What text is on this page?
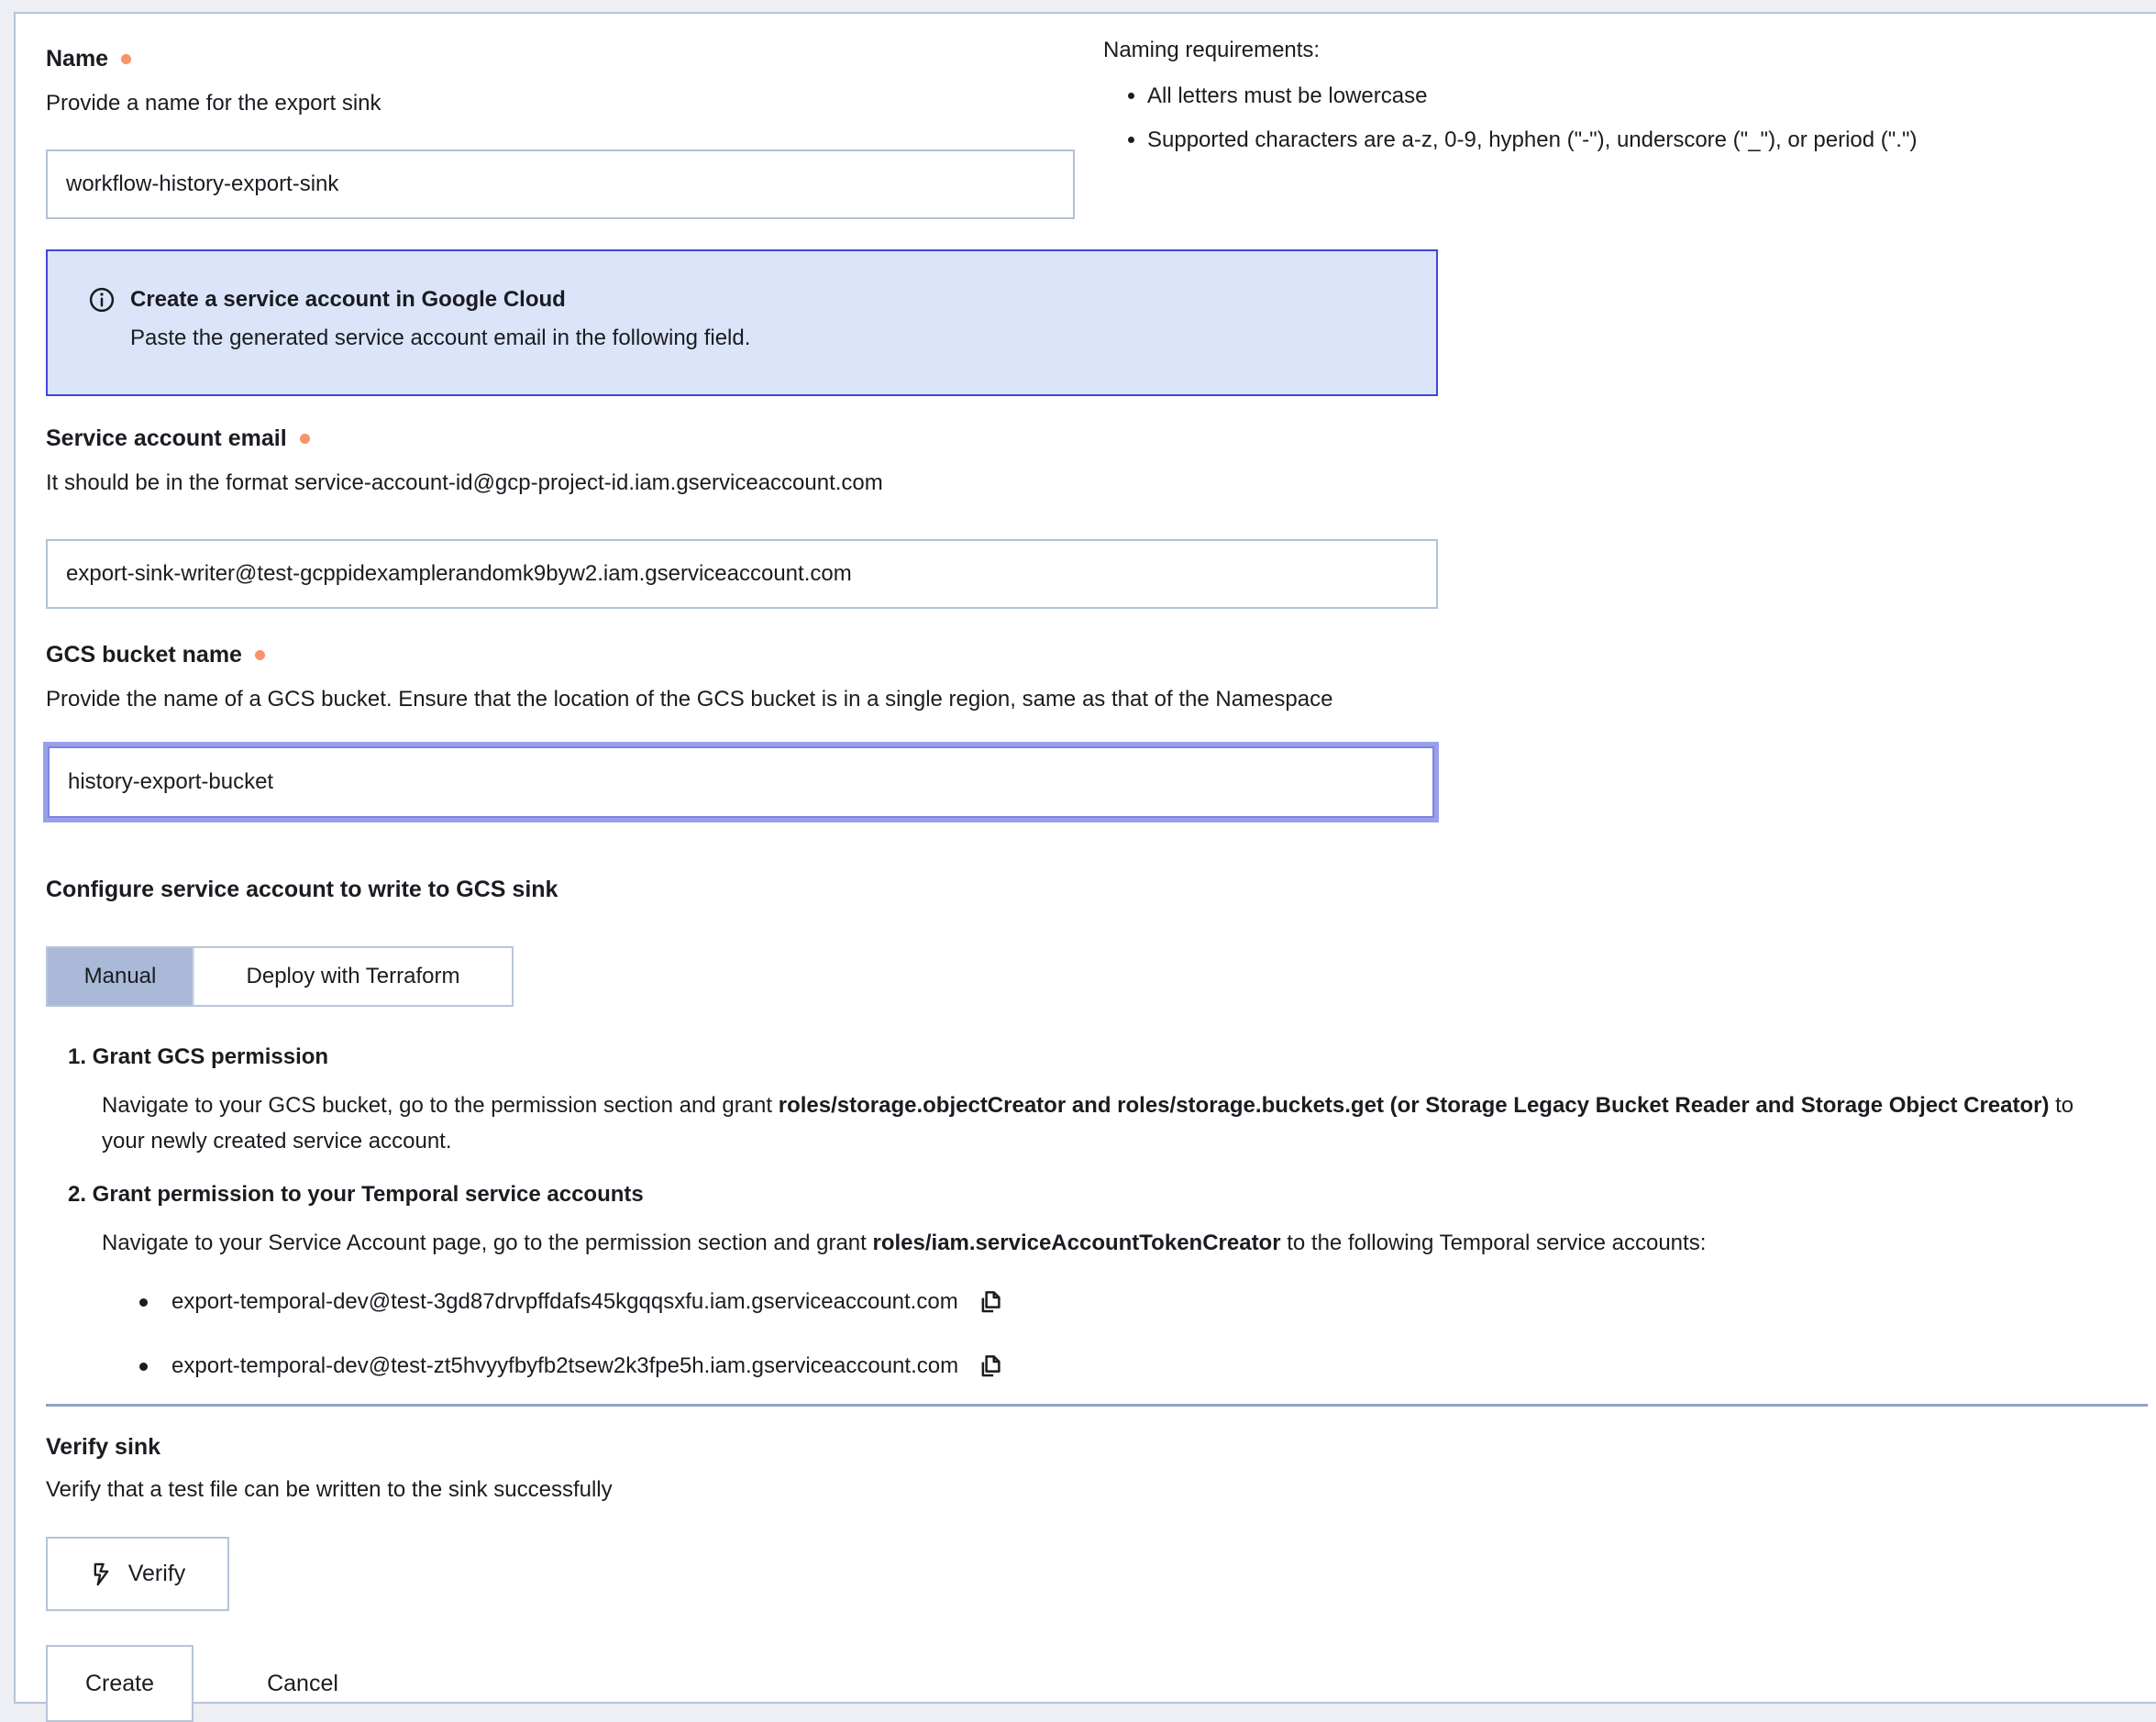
Name
Provide a name for the export sink
workflow-history-export-sink
Naming requirements:
• All letters must be lowercase
• Supported characters are a-z, 0-9, hyphen ("-"), underscore ("_"), or period (".")
Create a service account in Google Cloud
Paste the generated service account email in the following field.
Service account email
It should be in the format service-account-id@gcp-project-id.iam.gserviceaccount.com
export-sink-writer@test-gcppidexamplerandomk9byw2.iam.gserviceaccount.com
GCS bucket name
Provide the name of a GCS bucket. Ensure that the location of the GCS bucket is in a single region, same as that of the Namespace
history-export-bucket
Configure service account to write to GCS sink
Manual	Deploy with Terraform
1. Grant GCS permission
Navigate to your GCS bucket, go to the permission section and grant roles/storage.objectCreator and roles/storage.buckets.get (or Storage Legacy Bucket Reader and Storage Object Creator) to your newly created service account.
2. Grant permission to your Temporal service accounts
Navigate to your Service Account page, go to the permission section and grant roles/iam.serviceAccountTokenCreator to the following Temporal service accounts:
export-temporal-dev@test-3gd87drvpffdafs45kgqqsxfu.iam.gserviceaccount.com
export-temporal-dev@test-zt5hvyyfbyfb2tsew2k3fpe5h.iam.gserviceaccount.com
Verify sink
Verify that a test file can be written to the sink successfully
Verify
Create	Cancel
